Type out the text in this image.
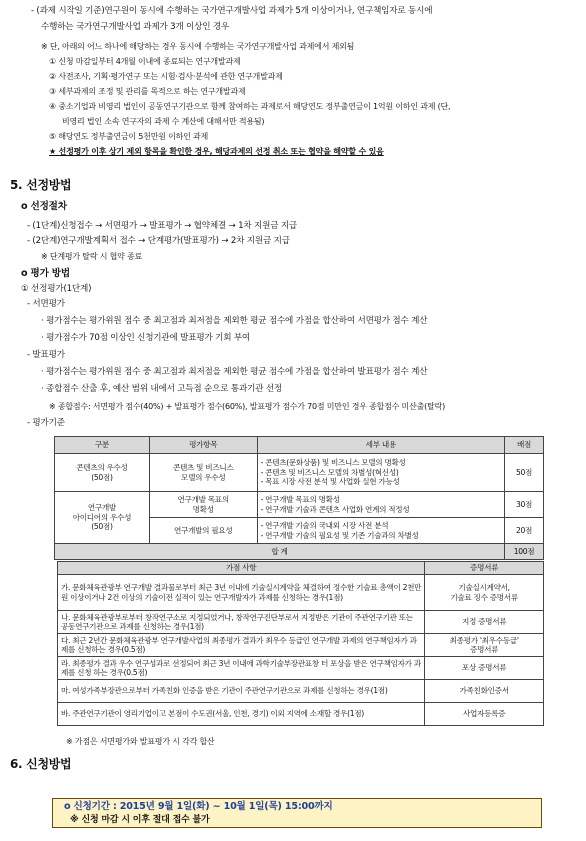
- (과제 시작일 기준)연구원이 동시에 수행하는 국가연구개발사업 과제가 5개 이상이거나, 연구책임자로 동시에
수행하는 국가연구개발사업 과제가 3개 이상인 경우
※ 단, 아래의 어느 하나에 해당하는 경우 동시에 수행하는 국가연구개발사업 과제에서 제외됨
① 신청 마감일부터 4개월 이내에 종료되는 연구개발과제
② 사전조사, 기획·평가연구 또는 시험·검사·분석에 관한 연구개발과제
③ 세부과제의 조정 및 관리를 목적으로 하는 연구개발과제
④ 중소기업과 비영리 법인이 공동연구기관으로 함께 참여하는 과제로서 해당연도 정부출연금이 1억원 이하인 과제 (단,
비영리 법인 소속 연구자의 과제 수 계산에 대해서만 적용됨)
⑤ 해당연도 정부출연금이 5천만원 이하인 과제
★ 선정평가 이후 상기 제외 항목을 확인한 경우, 해당과제의 선정 취소 또는 협약을 해약할 수 있음
5. 선정방법
o 선정절차
- (1단계)신청접수 → 서면평가 → 발표평가 → 협약체결 → 1차 지원금 지급
- (2단계)연구개발계획서 접수 → 단계평가(발표평가) → 2차 지원금 지급
※ 단계평가 탈락 시 협약 종료
o 평가 방법
① 선정평가(1단계)
- 서면평가
· 평가점수는 평가위원 점수 중 최고점과 최저점을 제외한 평균 점수에 가점을 합산하여 서면평가 점수 계산
· 평가점수가 70점 이상인 신청기관에 발표평가 기회 부여
- 발표평가
· 평가점수는 평가위원 점수 중 최고점과 최저점을 제외한 평균 점수에 가점을 합산하여 발표평가 점수 계산
· 종합점수 산출 후, 예산 범위 내에서 고득점 순으로 통과기관 선정
※ 종합점수: 서면평가 점수(40%) + 발표평가 점수(60%), 발표평가 점수가 70점 미만인 경우 종합점수 미산출(탈락)
- 평가기준
구분	평가항목	세부 내용	배점
콘텐츠의 우수성
(50점)	콘텐츠 및 비즈니스
모델의 우수성	- 콘텐츠(문화상품) 및 비즈니스 모델의 명확성
- 콘텐츠 및 비즈니스 모델의 차별성(혁신성)
- 목표 시장 사전 분석 및 사업화 실현 가능성	50점
연구개발
아이디어의 우수성
(50점)	연구개발 목표의
명확성	- 연구개발 목표의 명확성
- 연구개발 기술과 콘텐츠 사업화 연계의 적정성	30점
	연구개발의 필요성	- 연구개발 기술의 국내외 시장 사전 분석
- 연구개발 기술의 필요성 및 기존 기술과의 차별성	20점
합 계			100점
가점 사항	증명서류
가. 문화체육관광부 연구개발 결과물로부터 최근 3년 이내에 기술실시계약을 체결하여 정수한 기술료 총액이 2천만원 이상이거나 2건 이상의 기술이전 실적이 있는 연구개발자가 과제를 신청하는 경우(1점)	기술실시계약서,
기술료 징수 증명서류
나. 문화체육관광부로부터 창작연구소로 지정되었거나, 창작연구진단부로서 지정받은 기관이 주관연구기관 또는 공동연구기관으로 과제를 신청하는 경우(1점)	지정 증명서류
다. 최근 2년간 문화체육관광부 연구개발사업의 최종평가 결과가 최우수 등급인 연구개발 과제의 연구책임자가 과제를 신청하는 경우(0.5점)	최종평가 '최우수등급'
증명서류
라. 최종평가 결과 우수 연구성과로 선정되어 최근 3년 이내에 과학기술부장관표창 터 포상을 받은 연구책임자가 과제를 신청 하는 경우(0.5점)	포상 증명서류
마. 여성가족부장관으로부터 가족친화 인증을 받은 기관이 주관연구기관으로 과제를 신청하는 경우(1점)	가족친화인증서
바. 주관연구기관이 영리기업이고 본점이 수도권(서울, 인천, 경기) 이외 지역에 소재할 경우(1점)	사업자등록증
※ 가점은 서면평가와 발표평가 시 각각 합산
6. 신청방법
o 신청기간 : 2015년 9월 1일(화) ~ 10월 1일(목) 15:00까지
※ 신청 마감 시 이후 절대 접수 불가
